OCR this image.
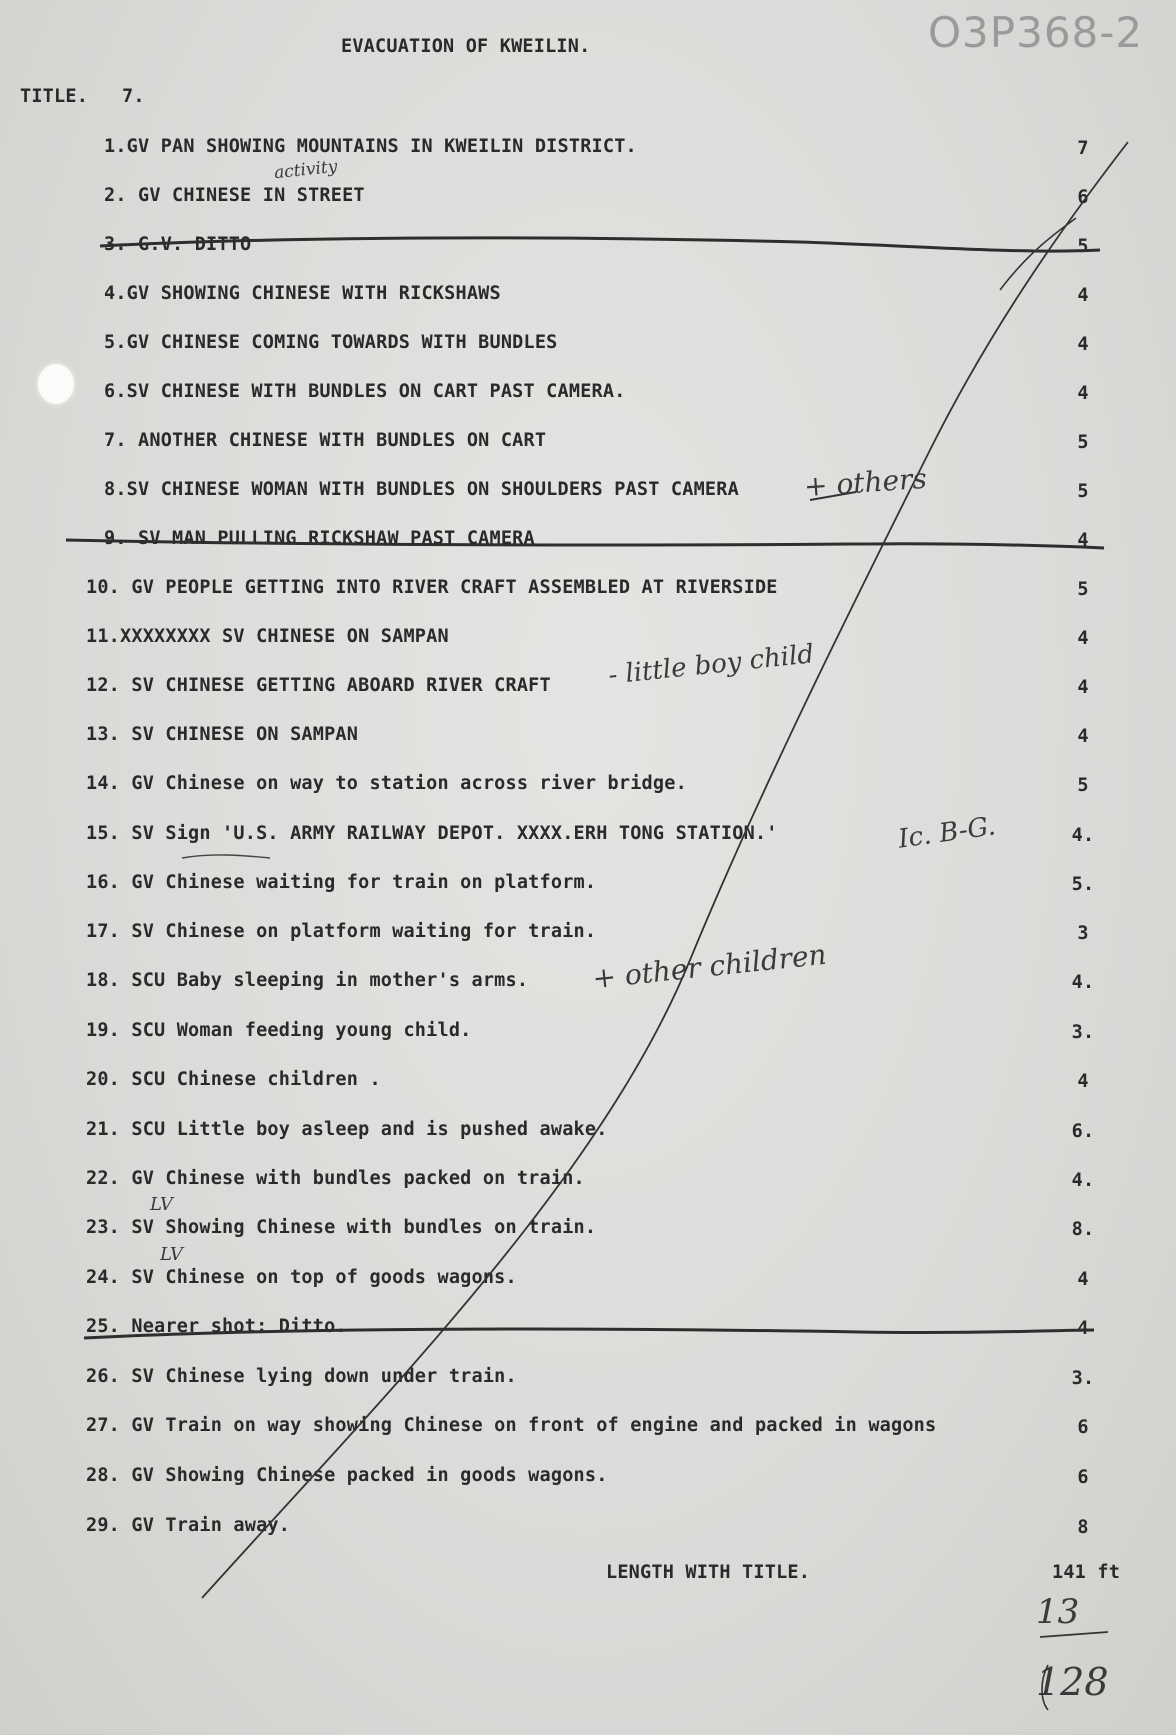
O3P368-2
EVACUATION OF KWEILIN.
TITLE. 7.
1.GV PAN SHOWING MOUNTAINS IN KWEILIN DISTRICT.	7
2. GV CHINESE IN STREET	6
3. G.V. DITTO	5
4.GV SHOWING CHINESE WITH RICKSHAWS	4
5.GV CHINESE COMING TOWARDS WITH BUNDLES	4
6.SV CHINESE WITH BUNDLES ON CART PAST CAMERA.	4
7. ANOTHER CHINESE WITH BUNDLES ON CART	5
8.SV CHINESE WOMAN WITH BUNDLES ON SHOULDERS PAST CAMERA	5
9. SV MAN PULLING RICKSHAW PAST CAMERA	4
10. GV PEOPLE GETTING INTO RIVER CRAFT ASSEMBLED AT RIVERSIDE	5
11.XXXXXXXX SV CHINESE ON SAMPAN	4
12. SV CHINESE GETTING ABOARD RIVER CRAFT	4
13. SV CHINESE ON SAMPAN	4
14. GV Chinese on way to station across river bridge.	5
15. SV Sign 'U.S. ARMY RAILWAY DEPOT. XXXX.ERH TONG STATION.'	4.
16. GV Chinese waiting for train on platform.	5.
17. SV Chinese on platform waiting for train.	3
18. SCU Baby sleeping in mother's arms.	4.
19. SCU Woman feeding young child.	3.
20. SCU Chinese children .	4
21. SCU Little boy asleep and is pushed awake.	6.
22. GV Chinese with bundles packed on train.	4.
23. SV Showing Chinese with bundles on train.	8.
24. SV Chinese on top of goods wagons.	4
25. Nearer shot: Ditto.	4
26. SV Chinese lying down under train.	3.
27. GV Train on way showing Chinese on front of engine and packed in wagons	6
28. GV Showing Chinese packed in goods wagons.	6
29. GV Train away.	8
LENGTH WITH TITLE.	141 ft
activity
+ others
- little boy child
Ic. B-G.
+ other children
LV
LV
13
128
